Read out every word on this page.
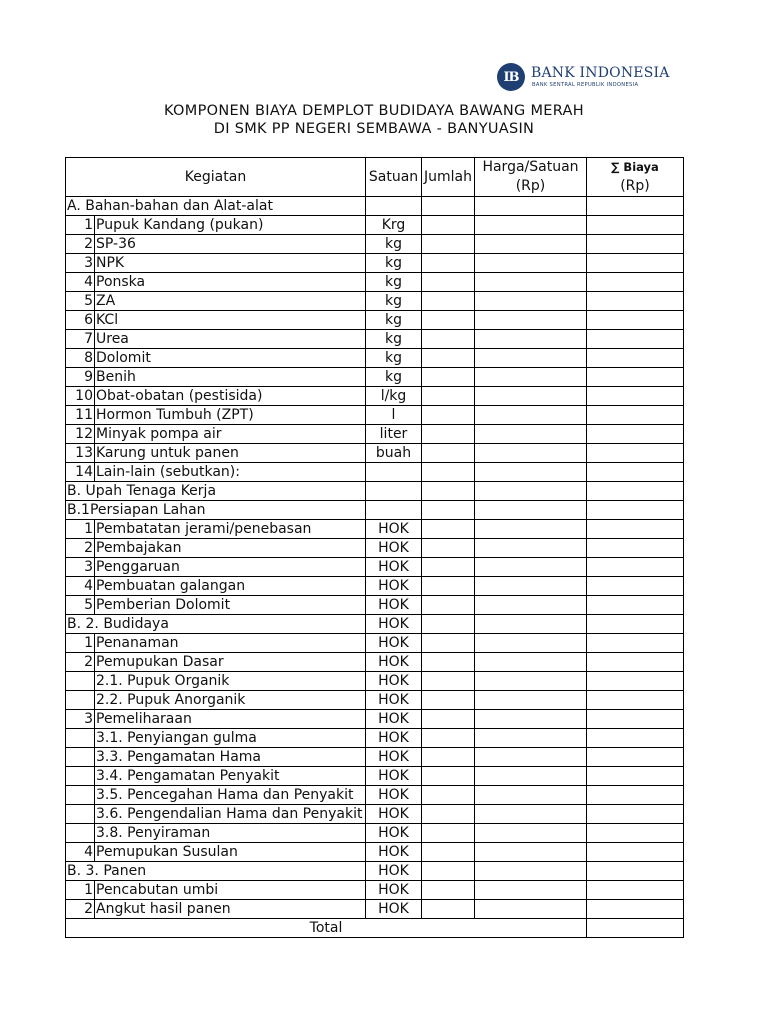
IB BANK INDONESIA
BANK SENTRAL REPUBLIK INDONESIA
KOMPONEN BIAYA DEMPLOT BUDIDAYA BAWANG MERAH
DI SMK PP NEGERI SEMBAWA - BANYUASIN
Kegiatan		Satuan	Jumlah	Harga/Satuan
(Rp)	∑ Biaya
(Rp)
A. Bahan-bahan dan Alat-alat					
1	Pupuk Kandang (pukan)	Krg			
2	SP-36	kg			
3	NPK	kg			
4	Ponska	kg			
5	ZA	kg			
6	KCl	kg			
7	Urea	kg			
8	Dolomit	kg			
9	Benih	kg			
10	Obat-obatan (pestisida)	l/kg			
11	Hormon Tumbuh (ZPT)	l			
12	Minyak pompa air	liter			
13	Karung untuk panen	buah			
14	Lain-lain (sebutkan):				
B. Upah Tenaga Kerja					
B.1Persiapan Lahan					
1	Pembatatan jerami/penebasan	HOK			
2	Pembajakan	HOK			
3	Penggaruan	HOK			
4	Pembuatan galangan	HOK			
5	Pemberian Dolomit	HOK			
B. 2. Budidaya		HOK			
1	Penanaman	HOK			
2	Pemupukan Dasar	HOK			
	2.1. Pupuk Organik	HOK			
	2.2. Pupuk Anorganik	HOK			
3	Pemeliharaan	HOK			
	3.1. Penyiangan gulma	HOK			
	3.3. Pengamatan Hama	HOK			
	3.4. Pengamatan Penyakit	HOK			
	3.5. Pencegahan Hama dan Penyakit	HOK			
	3.6. Pengendalian Hama dan Penyakit	HOK			
	3.8. Penyiraman	HOK			
4	Pemupukan Susulan	HOK			
B. 3. Panen		HOK			
1	Pencabutan umbi	HOK			
2	Angkut hasil panen	HOK			
Total					
